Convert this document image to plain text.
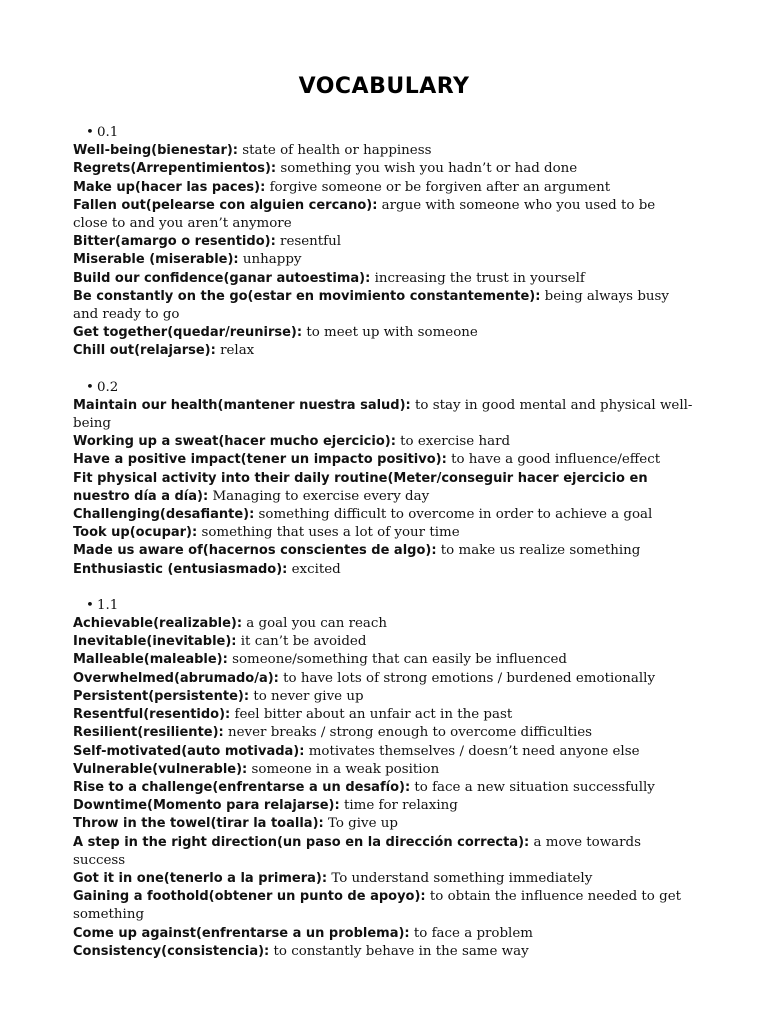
VOCABULARY
• 0.1

Well-being(bienestar): state of health or happiness

Regrets(Arrepentimientos): something you wish you hadn’t or had done

Make up(hacer las paces): forgive someone or be forgiven after an argument

Fallen out(pelearse con alguien cercano): argue with someone who you used to be close to and you aren’t anymore

Bitter(amargo o resentido): resentful

Miserable (miserable): unhappy

Build our confidence(ganar autoestima): increasing the trust in yourself

Be constantly on the go(estar en movimiento constantemente): being always busy and ready to go

Get together(quedar/reunirse): to meet up with someone

Chill out(relajarse): relax

• 0.2

Maintain our health(mantener nuestra salud): to stay in good mental and physical well-being

Working up a sweat(hacer mucho ejercicio): to exercise hard

Have a positive impact(tener un impacto positivo): to have a good influence/effect

Fit physical activity into their daily routine(Meter/conseguir hacer ejercicio en nuestro día a día): Managing to exercise every day

Challenging(desafiante): something difficult to overcome in order to achieve a goal

Took up(ocupar): something that uses a lot of your time

Made us aware of(hacernos conscientes de algo): to make us realize something

Enthusiastic (entusiasmado): excited

• 1.1

Achievable(realizable): a goal you can reach

Inevitable(inevitable): it can’t be avoided

Malleable(maleable): someone/something that can easily be influenced

Overwhelmed(abrumado/a): to have lots of strong emotions / burdened emotionally

Persistent(persistente): to never give up

Resentful(resentido): feel bitter about an unfair act in the past

Resilient(resiliente): never breaks / strong enough to overcome difficulties

Self-motivated(auto motivada): motivates themselves / doesn’t need anyone else

Vulnerable(vulnerable): someone in a weak position

Rise to a challenge(enfrentarse a un desafío): to face a new situation successfully

Downtime(Momento para relajarse): time for relaxing

Throw in the towel(tirar la toalla): To give up

A step in the right direction(un paso en la dirección correcta): a move towards success

Got it in one(tenerlo a la primera): To understand something immediately

Gaining a foothold(obtener un punto de apoyo): to obtain the influence needed to get something

Come up against(enfrentarse a un problema): to face a problem

Consistency(consistencia): to constantly behave in the same way
